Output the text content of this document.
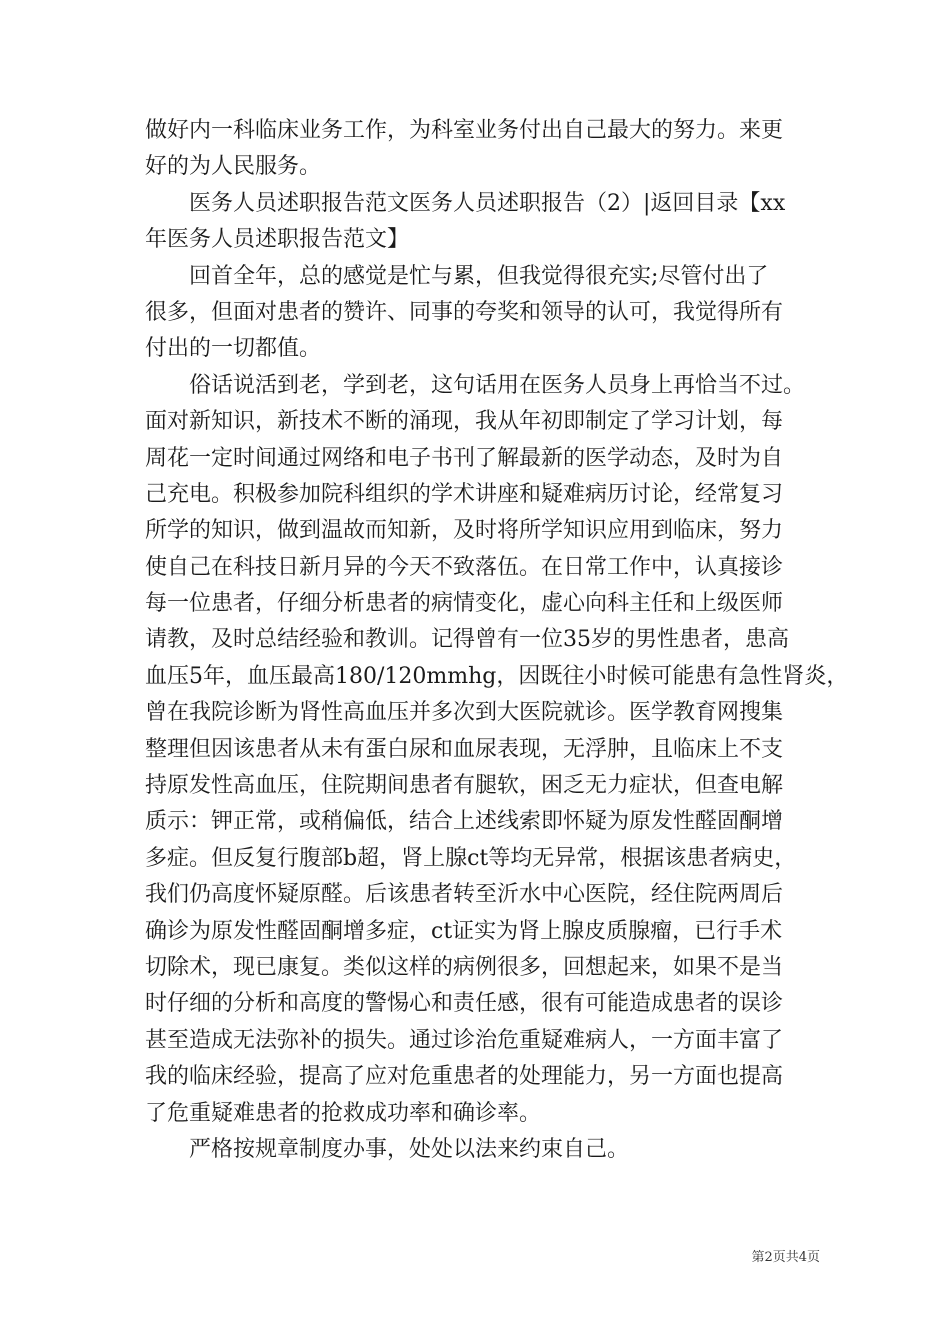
做好内一科临床业务工作，为科室业务付出自己最大的努力。来更
好的为人民服务。
医务人员述职报告范文医务人员述职报告（2）|返回目录【xx
年医务人员述职报告范文】
回首全年，总的感觉是忙与累，但我觉得很充实;尽管付出了
很多，但面对患者的赞许、同事的夸奖和领导的认可，我觉得所有
付出的一切都值。
俗话说活到老，学到老，这句话用在医务人员身上再恰当不过。
面对新知识，新技术不断的涌现，我从年初即制定了学习计划，每
周花一定时间通过网络和电子书刊了解最新的医学动态，及时为自
己充电。积极参加院科组织的学术讲座和疑难病历讨论，经常复习
所学的知识，做到温故而知新，及时将所学知识应用到临床，努力
使自己在科技日新月异的今天不致落伍。在日常工作中，认真接诊
每一位患者，仔细分析患者的病情变化，虚心向科主任和上级医师
请教，及时总结经验和教训。记得曾有一位35岁的男性患者，患高
血压5年，血压最高180/120mmhg，因既往小时候可能患有急性肾炎，
曾在我院诊断为肾性高血压并多次到大医院就诊。医学教育网搜集
整理但因该患者从未有蛋白尿和血尿表现，无浮肿，且临床上不支
持原发性高血压，住院期间患者有腿软，困乏无力症状，但查电解
质示：钾正常，或稍偏低，结合上述线索即怀疑为原发性醛固酮增
多症。但反复行腹部b超，肾上腺ct等均无异常，根据该患者病史，
我们仍高度怀疑原醛。后该患者转至沂水中心医院，经住院两周后
确诊为原发性醛固酮增多症，ct证实为肾上腺皮质腺瘤，已行手术
切除术，现已康复。类似这样的病例很多，回想起来，如果不是当
时仔细的分析和高度的警惕心和责任感，很有可能造成患者的误诊
甚至造成无法弥补的损失。通过诊治危重疑难病人，一方面丰富了
我的临床经验，提高了应对危重患者的处理能力，另一方面也提高
了危重疑难患者的抢救成功率和确诊率。
严格按规章制度办事，处处以法来约束自己。
第2页共4页
